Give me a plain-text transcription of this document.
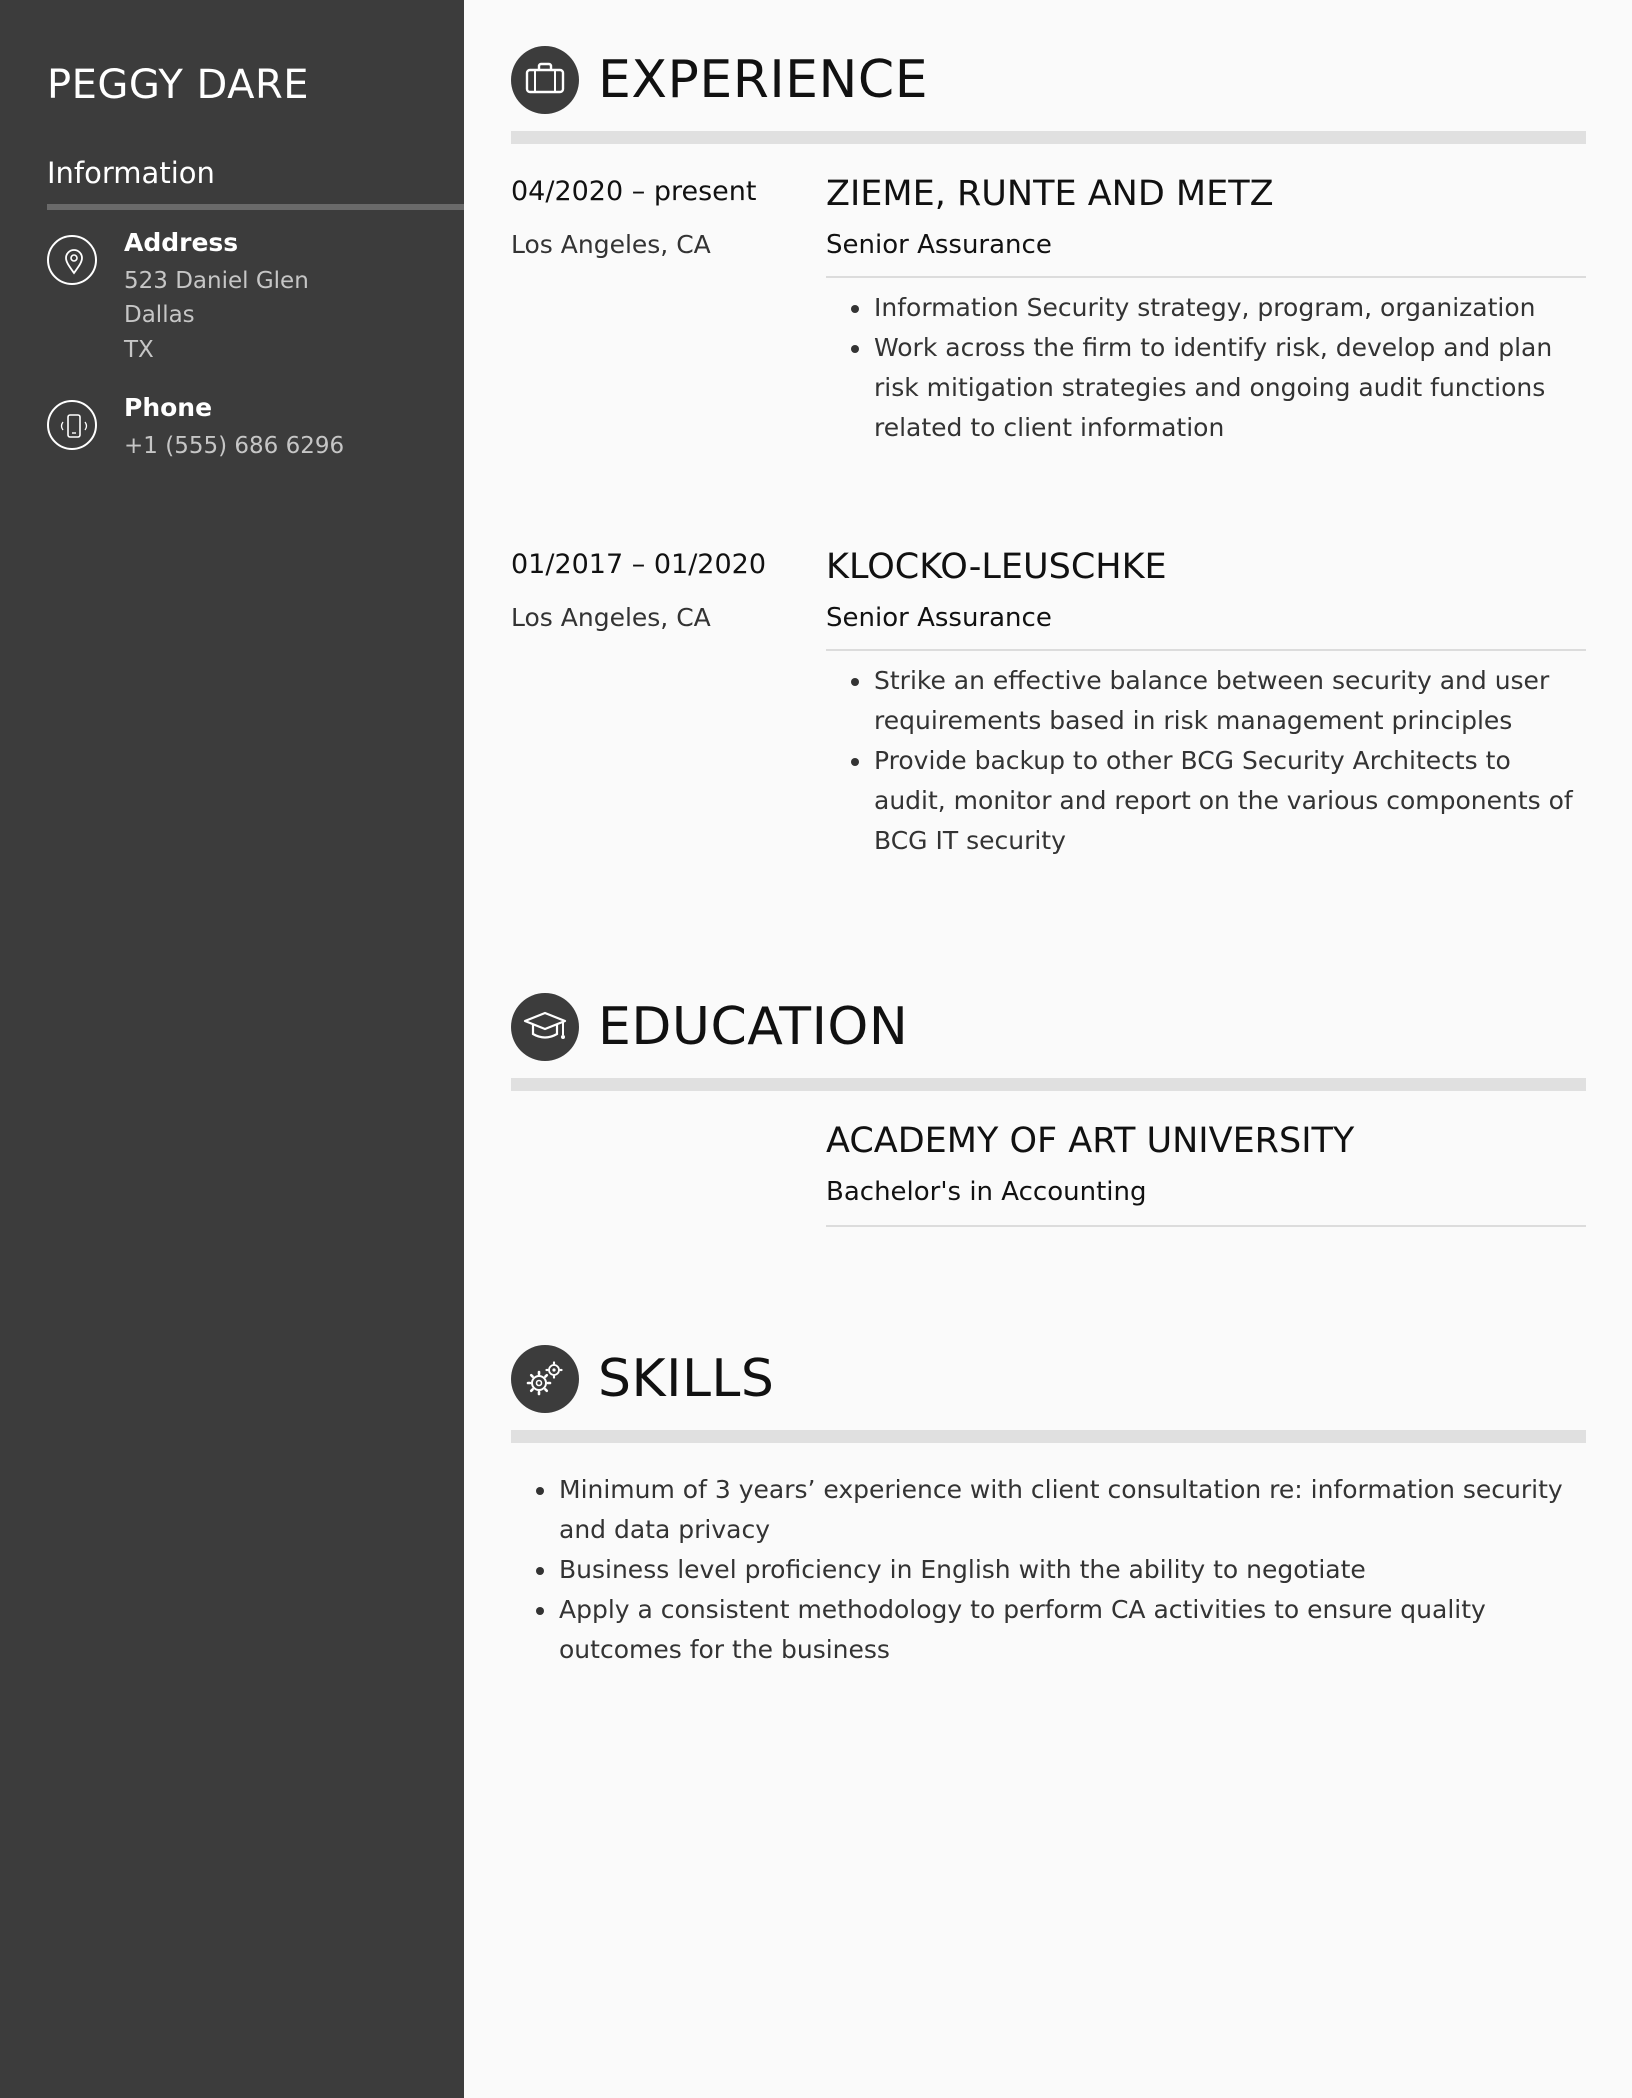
PEGGY DARE
Information
Address
523 Daniel Glen
Dallas
TX
Phone
+1 (555) 686 6296
EXPERIENCE
04/2020 – present
Los Angeles, CA
ZIEME, RUNTE AND METZ
Senior Assurance
Information Security strategy, program, organization
Work across the firm to identify risk, develop and plan risk mitigation strategies and ongoing audit functions related to client information
01/2017 – 01/2020
Los Angeles, CA
KLOCKO-LEUSCHKE
Senior Assurance
Strike an effective balance between security and user requirements based in risk management principles
Provide backup to other BCG Security Architects to audit, monitor and report on the various components of BCG IT security
EDUCATION
ACADEMY OF ART UNIVERSITY
Bachelor's in Accounting
SKILLS
Minimum of 3 years’ experience with client consultation re: information security and data privacy
Business level proficiency in English with the ability to negotiate
Apply a consistent methodology to perform CA activities to ensure quality outcomes for the business
